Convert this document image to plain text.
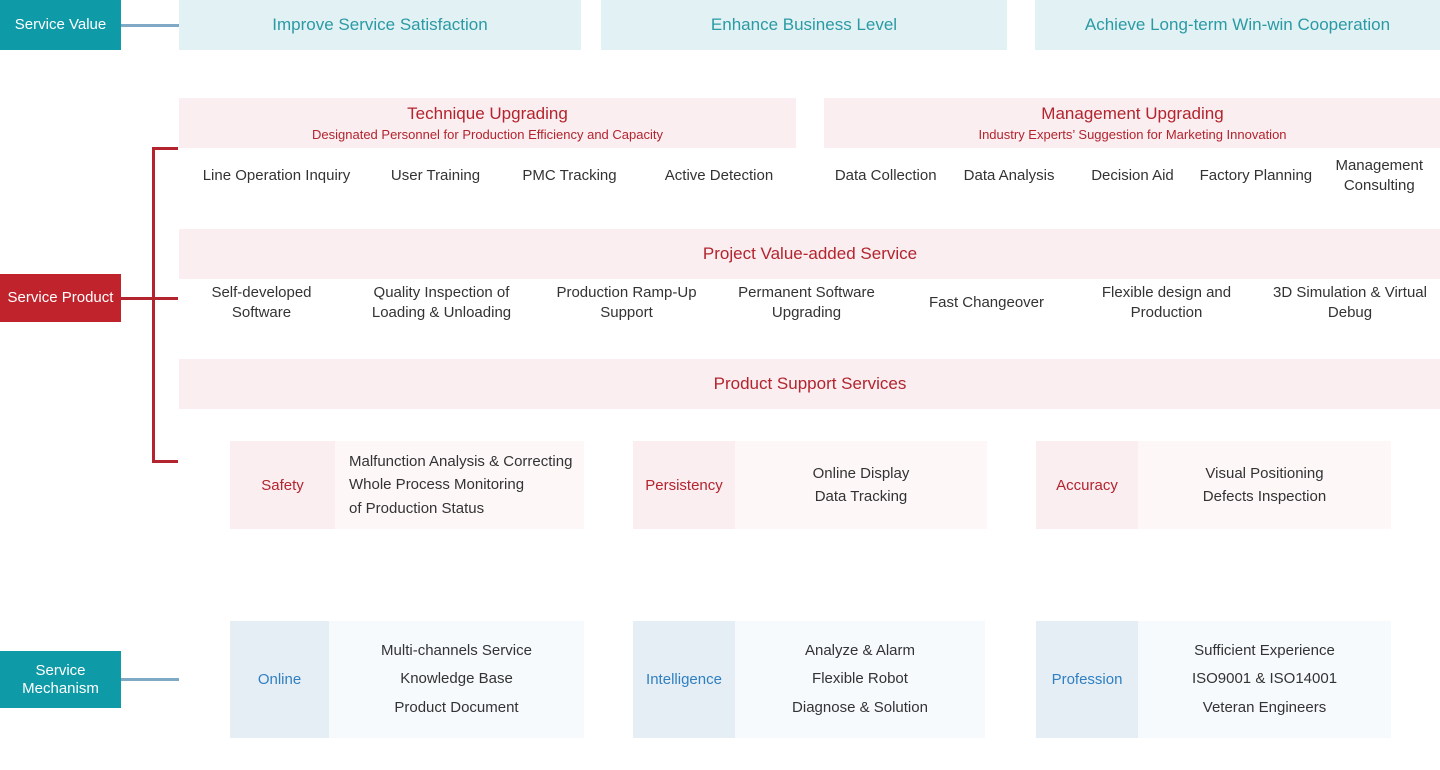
Service Value
Service Product
Service Mechanism
Improve Service Satisfaction	Enhance Business Level	Achieve Long-term Win-win Cooperation
Technique Upgrading
Designated Personnel for Production Efficiency and Capacity
Line Operation Inquiry	User Training	PMC Tracking	Active Detection
Management Upgrading
Industry Experts’ Suggestion for Marketing Innovation
Data Collection	Data Analysis	Decision Aid	Factory Planning
Management Consulting
Project Value-added Service
Self-developed Software
Quality Inspection of Loading & Unloading
Production Ramp-Up Support
Permanent Software Upgrading
Fast Changeover
Flexible design and Production
3D Simulation & Virtual Debug
Product Support Services
Safety
Malfunction Analysis & Correcting
Whole Process Monitoring
of Production Status
Persistency
Online Display
Data Tracking
Accuracy
Visual Positioning
Defects Inspection
Online
Multi-channels Service
Knowledge Base
Product Document
Intelligence
Analyze & Alarm
Flexible Robot
Diagnose & Solution
Profession
Sufficient Experience
ISO9001 & ISO14001
Veteran Engineers
